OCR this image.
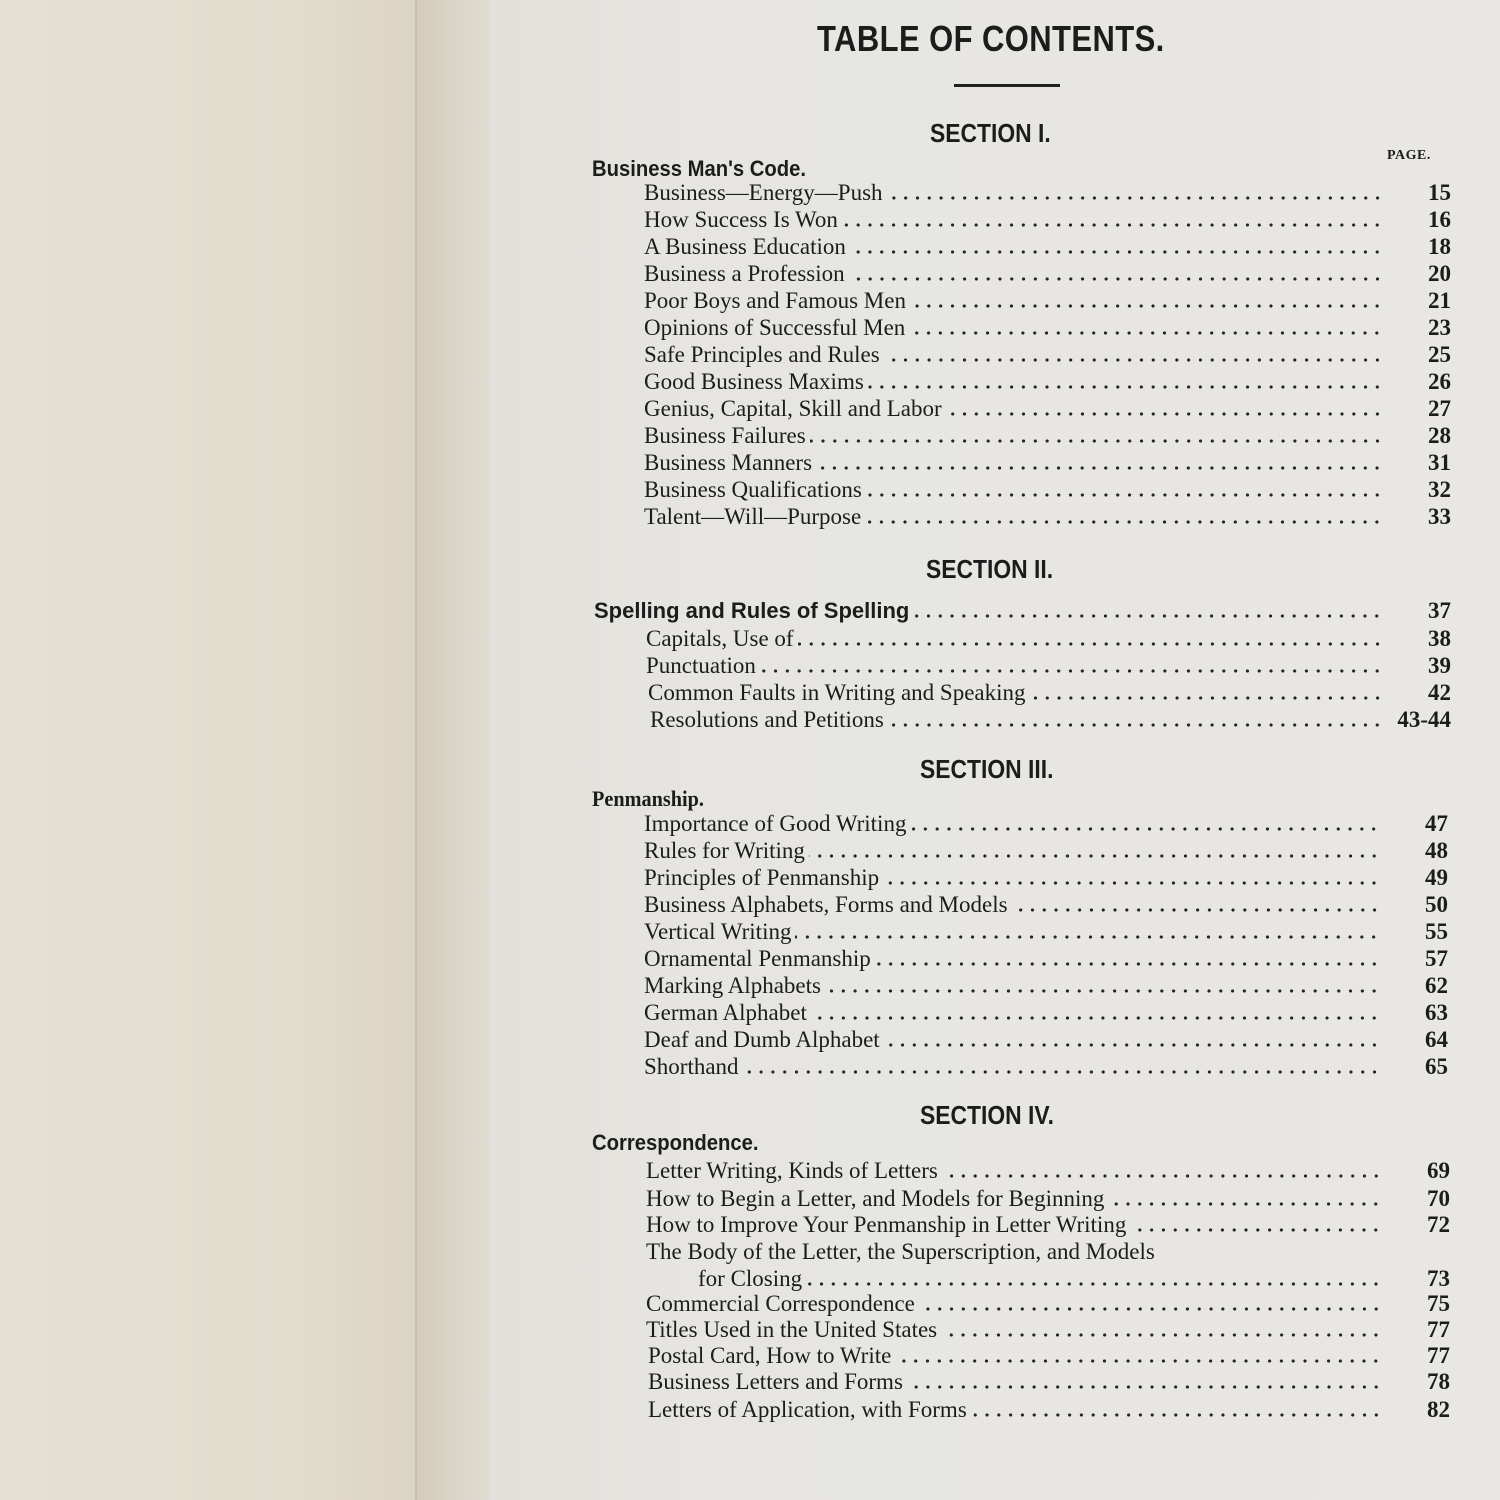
TABLE OF CONTENTS.
SECTION I.
Business Man's Code.
PAGE.
Business—Energy—Push	15
How Success Is Won	16
A Business Education	18
Business a Profession	20
Poor Boys and Famous Men	21
Opinions of Successful Men	23
Safe Principles and Rules	25
Good Business Maxims	26
Genius, Capital, Skill and Labor	27
Business Failures	28
Business Manners	31
Business Qualifications	32
Talent—Will—Purpose	33
SECTION II.
Spelling and Rules of Spelling	37
Capitals, Use of	38
Punctuation	39
Common Faults in Writing and Speaking	42
Resolutions and Petitions	43-44
SECTION III.
Penmanship.
Importance of Good Writing	47
Rules for Writing	48
Principles of Penmanship	49
Business Alphabets, Forms and Models	50
Vertical Writing	55
Ornamental Penmanship	57
Marking Alphabets	62
German Alphabet	63
Deaf and Dumb Alphabet	64
Shorthand	65
SECTION IV.
Correspondence.
Letter Writing, Kinds of Letters	69
How to Begin a Letter, and Models for Beginning	70
How to Improve Your Penmanship in Letter Writing	72
The Body of the Letter, the Superscription, and Models
for Closing	73
Commercial Correspondence	75
Titles Used in the United States	77
Postal Card, How to Write	77
Business Letters and Forms	78
Letters of Application, with Forms	82
